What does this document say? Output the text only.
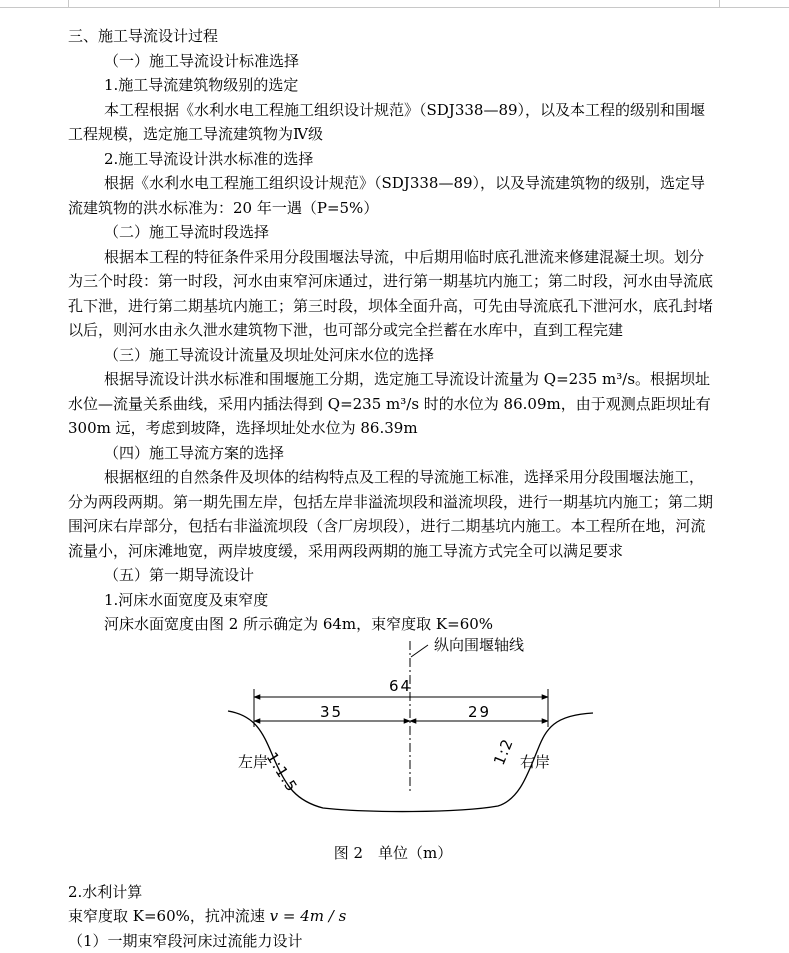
三、施工导流设计过程

（一）施工导流设计标准选择

1.施工导流建筑物级别的选定

本工程根据《水利水电工程施工组织设计规范》（SDJ338—89），以及本工程的级别和围堰工程规模，选定施工导流建筑物为Ⅳ级

2.施工导流设计洪水标准的选择

根据《水利水电工程施工组织设计规范》（SDJ338—89），以及导流建筑物的级别，选定导流建筑物的洪水标准为：20 年一遇（P=5%）

（二）施工导流时段选择

根据本工程的特征条件采用分段围堰法导流，中后期用临时底孔泄流来修建混凝土坝。划分为三个时段：第一时段，河水由束窄河床通过，进行第一期基坑内施工；第二时段，河水由导流底孔下泄，进行第二期基坑内施工；第三时段，坝体全面升高，可先由导流底孔下泄河水，底孔封堵以后，则河水由永久泄水建筑物下泄，也可部分或完全拦蓄在水库中，直到工程完建

（三）施工导流设计流量及坝址处河床水位的选择

根据导流设计洪水标准和围堰施工分期，选定施工导流设计流量为 Q=235 m³/s。根据坝址水位—流量关系曲线，采用内插法得到 Q=235 m³/s 时的水位为 86.09m，由于观测点距坝址有 300m 远，考虑到坡降，选择坝址处水位为 86.39m

（四）施工导流方案的选择

根据枢纽的自然条件及坝体的结构特点及工程的导流施工标准，选择采用分段围堰法施工，分为两段两期。第一期先围左岸，包括左岸非溢流坝段和溢流坝段，进行一期基坑内施工；第二期围河床右岸部分，包括右非溢流坝段（含厂房坝段），进行二期基坑内施工。本工程所在地，河流流量小，河床滩地宽，两岸坡度缓，采用两段两期的施工导流方式完全可以满足要求

（五）第一期导流设计

1.河床水面宽度及束窄度

河床水面宽度由图 2 所示确定为 64m，束窄度取 K=60%

纵向围堰轴线
64
35	29
左岸	右岸
1:1.5	1:2

图 2　单位（m）

2.水利计算

束窄度取 K=60%，抗冲流速 v = 4m / s

（1）一期束窄段河床过流能力设计
